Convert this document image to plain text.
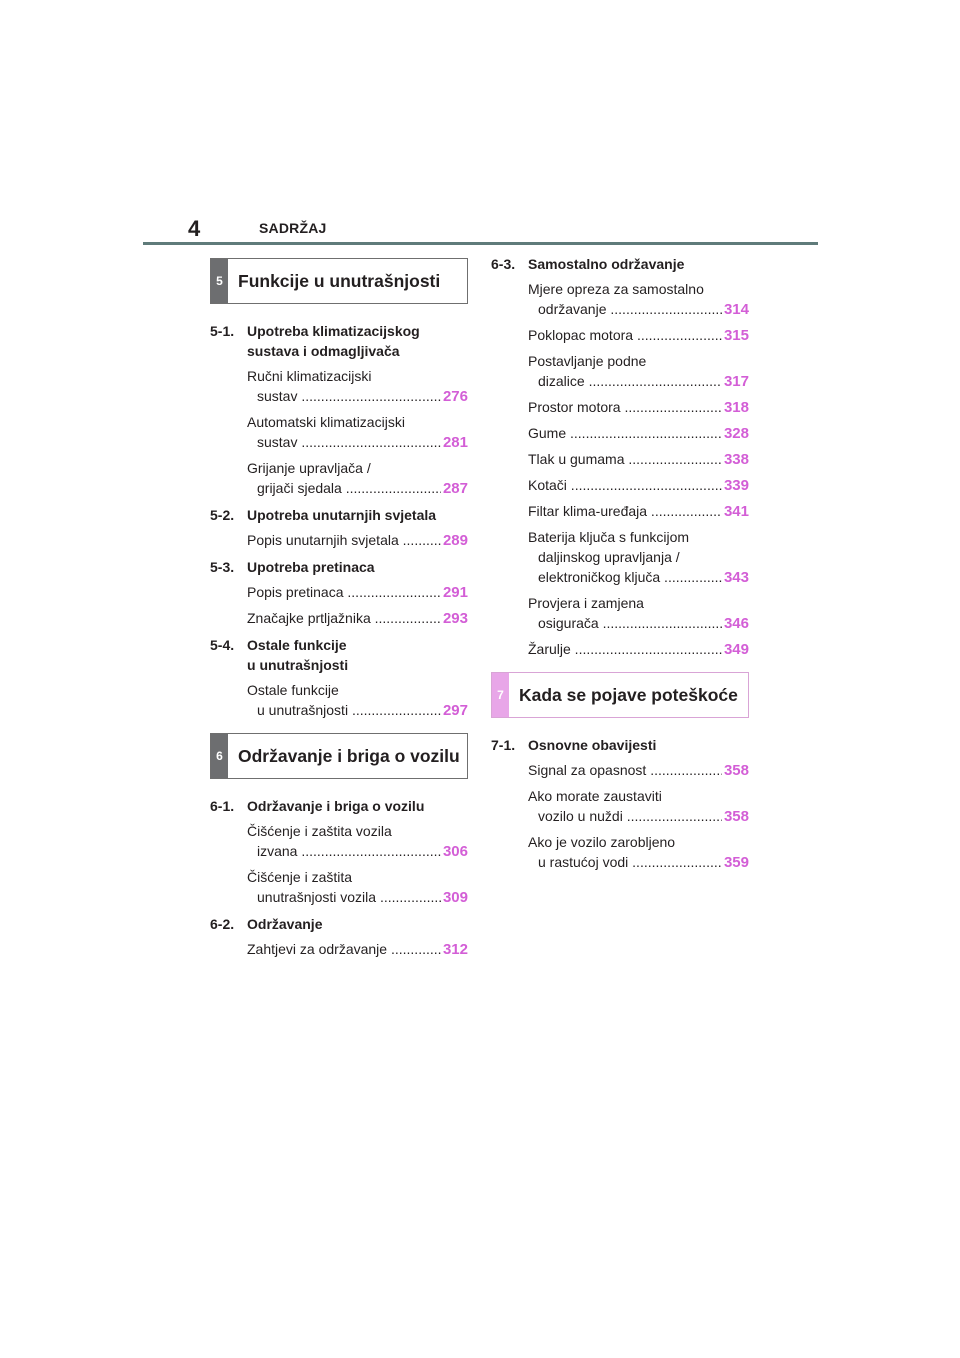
4	SADRŽAJ
5 Funkcije u unutrašnjosti
5-1. Upotreba klimatizacijskog sustava i odmagljivača
Ručni klimatizacijski
sustav .....	276
Automatski klimatizacijski
sustav .....	281
Grijanje upravljača /
grijači sjedala .....	287
5-2. Upotreba unutarnjih svjetala
Popis unutarnjih svjetala .....	289
5-3. Upotreba pretinaca
Popis pretinaca .....	291
Značajke prtljažnika .....	293
5-4. Ostale funkcije
u unutrašnjosti
Ostale funkcije
u unutrašnjosti .....	297
6 Održavanje i briga o vozilu
6-1. Održavanje i briga o vozilu
Čišćenje i zaštita vozila
izvana .....	306
Čišćenje i zaštita
unutrašnjosti vozila .....	309
6-2. Održavanje
Zahtjevi za održavanje .....	312
6-3. Samostalno održavanje
Mjere opreza za samostalno
održavanje .....	314
Poklopac motora .....	315
Postavljanje podne
dizalice .....	317
Prostor motora .....	318
Gume .....	328
Tlak u gumama .....	338
Kotači .....	339
Filtar klima-uređaja .....	341
Baterija ključa s funkcijom
daljinskog upravljanja /
elektroničkog ključa .....	343
Provjera i zamjena
osigurača .....	346
Žarulje .....	349
7 Kada se pojave poteškoće
7-1. Osnovne obavijesti
Signal za opasnost .....	358
Ako morate zaustaviti
vozilo u nuždi .....	358
Ako je vozilo zarobljeno
u rastućoj vodi .....	359
